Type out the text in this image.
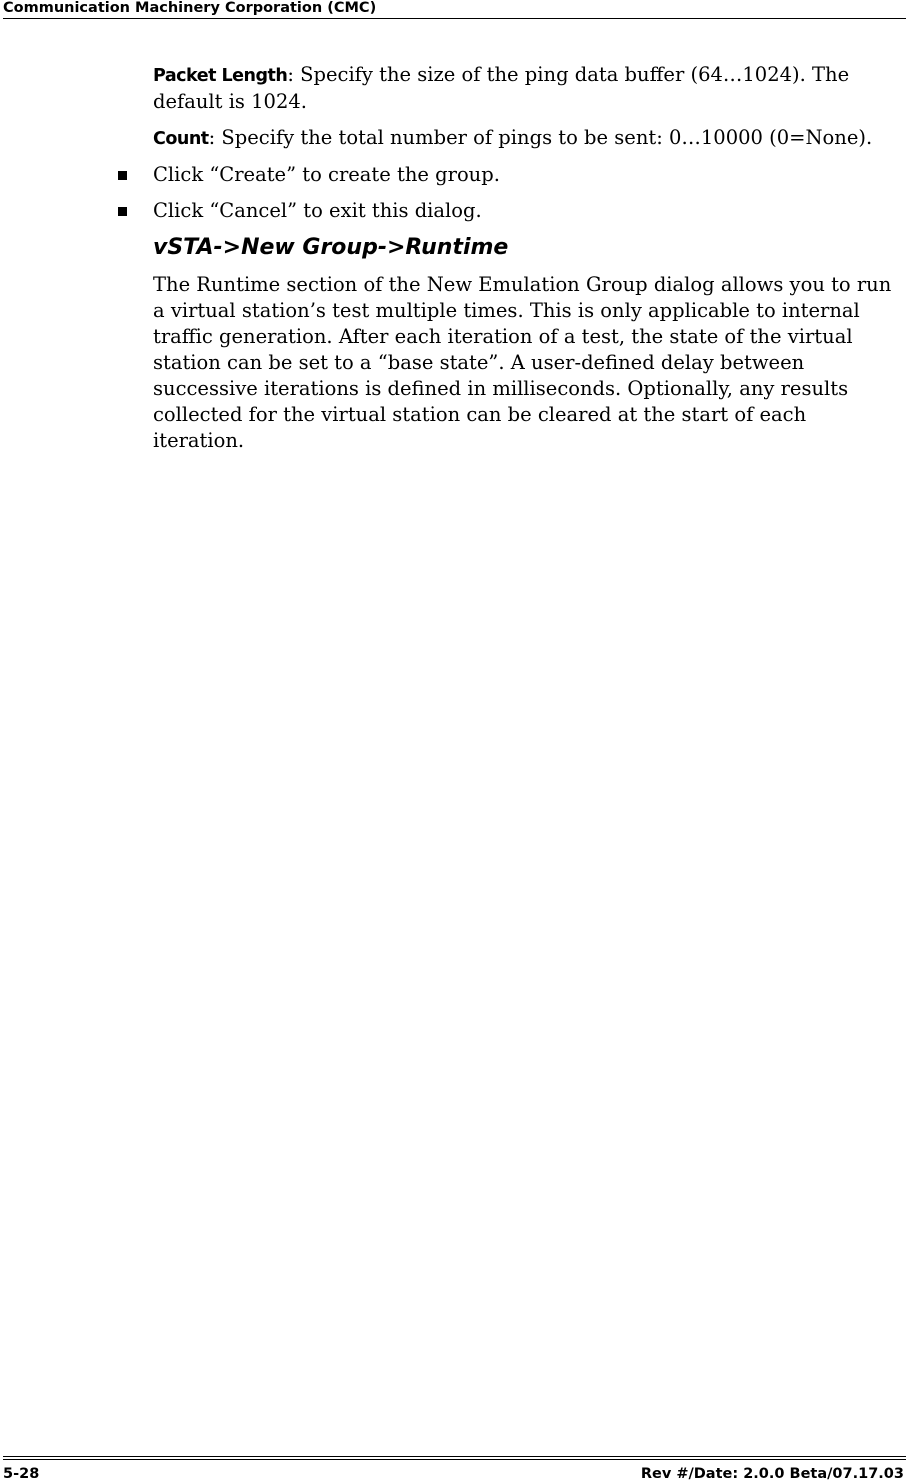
Communication Machinery Corporation (CMC)

Packet Length: Specify the size of the ping data buffer (64…1024). The default is 1024.

Count: Specify the total number of pings to be sent: 0…10000 (0=None).

Click “Create” to create the group.
Click “Cancel” to exit this dialog.
vSTA->New Group->Runtime

The Runtime section of the New Emulation Group dialog allows you to run a virtual station’s test multiple times. This is only applicable to internal traffic generation. After each iteration of a test, the state of the virtual station can be set to a “base state”. A user-defined delay between successive iterations is defined in milliseconds. Optionally, any results collected for the virtual station can be cleared at the start of each iteration.

5-28	Rev #/Date: 2.0.0 Beta/07.17.03
